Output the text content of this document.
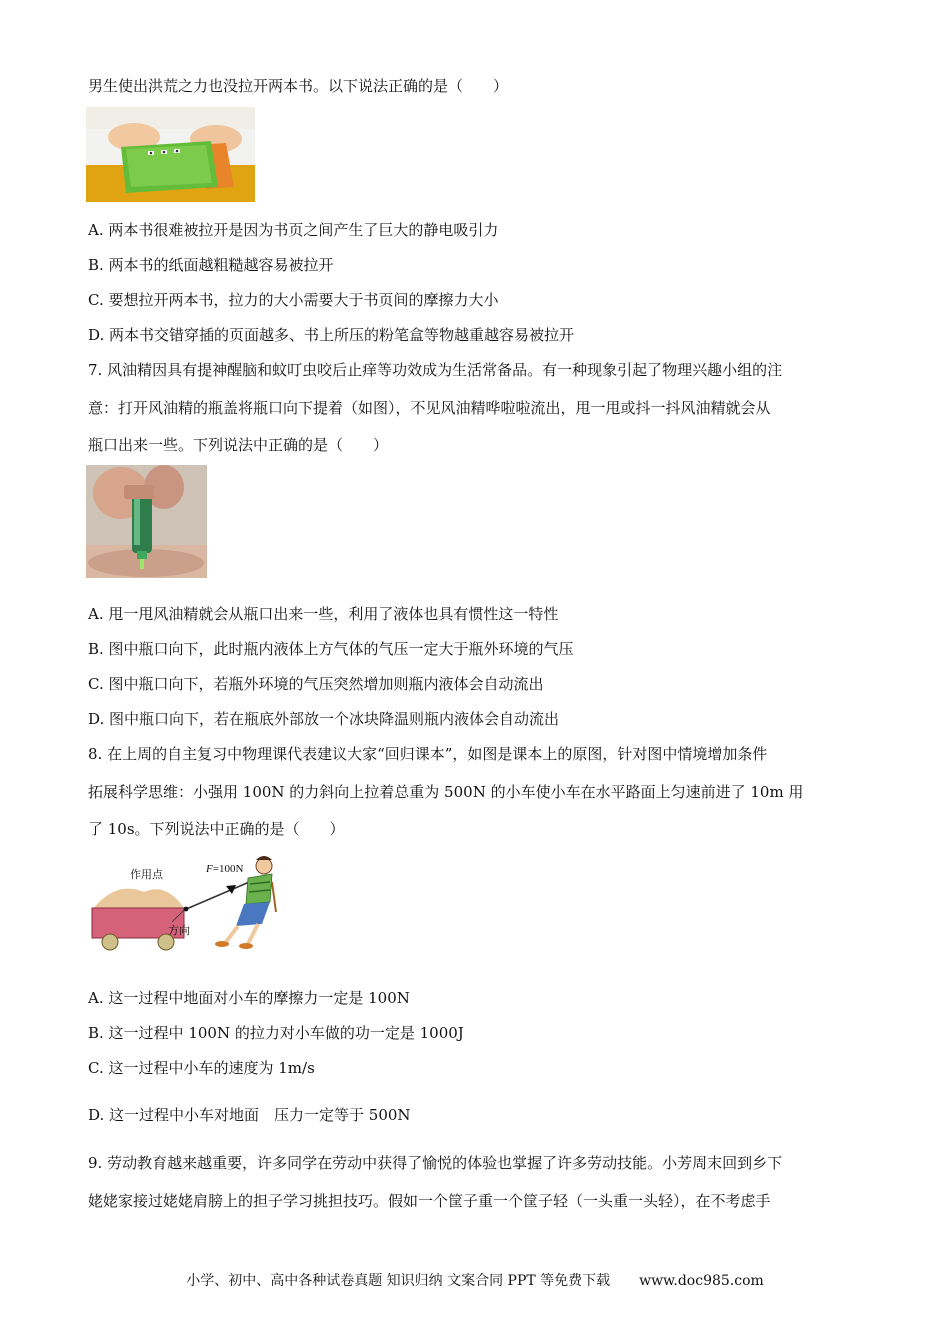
男生使出洪荒之力也没拉开两本书。以下说法正确的是（　　）
A. 两本书很难被拉开是因为书页之间产生了巨大的静电吸引力
B. 两本书的纸面越粗糙越容易被拉开
C. 要想拉开两本书，拉力的大小需要大于书页间的摩擦力大小
D. 两本书交错穿插的页面越多、书上所压的粉笔盒等物越重越容易被拉开
7. 风油精因具有提神醒脑和蚊叮虫咬后止痒等功效成为生活常备品。有一种现象引起了物理兴趣小组的注
意：打开风油精的瓶盖将瓶口向下提着（如图），不见风油精哗啦啦流出，甩一甩或抖一抖风油精就会从
瓶口出来一些。下列说法中正确的是（　　）
A. 甩一甩风油精就会从瓶口出来一些，利用了液体也具有惯性这一特性
B. 图中瓶口向下，此时瓶内液体上方气体的气压一定大于瓶外环境的气压
C. 图中瓶口向下，若瓶外环境的气压突然增加则瓶内液体会自动流出
D. 图中瓶口向下，若在瓶底外部放一个冰块降温则瓶内液体会自动流出
8. 在上周的自主复习中物理课代表建议大家“回归课本”，如图是课本上的原图，针对图中情境增加条件
拓展科学思维：小强用 100N 的力斜向上拉着总重为 500N 的小车使小车在水平路面上匀速前进了 10m 用
了 10s。下列说法中正确的是（　　）
作用点	F=100N
方向
A. 这一过程中地面对小车的摩擦力一定是 100N
B. 这一过程中 100N 的拉力对小车做的功一定是 1000J
C. 这一过程中小车的速度为 1m/s
D. 这一过程中小车对地面　压力一定等于 500N
9. 劳动教育越来越重要，许多同学在劳动中获得了愉悦的体验也掌握了许多劳动技能。小芳周末回到乡下
姥姥家接过姥姥肩膀上的担子学习挑担技巧。假如一个筐子重一个筐子轻（一头重一头轻），在不考虑手
小学、初中、高中各种试卷真题 知识归纳 文案合同 PPT 等免费下载 www.doc985.com
